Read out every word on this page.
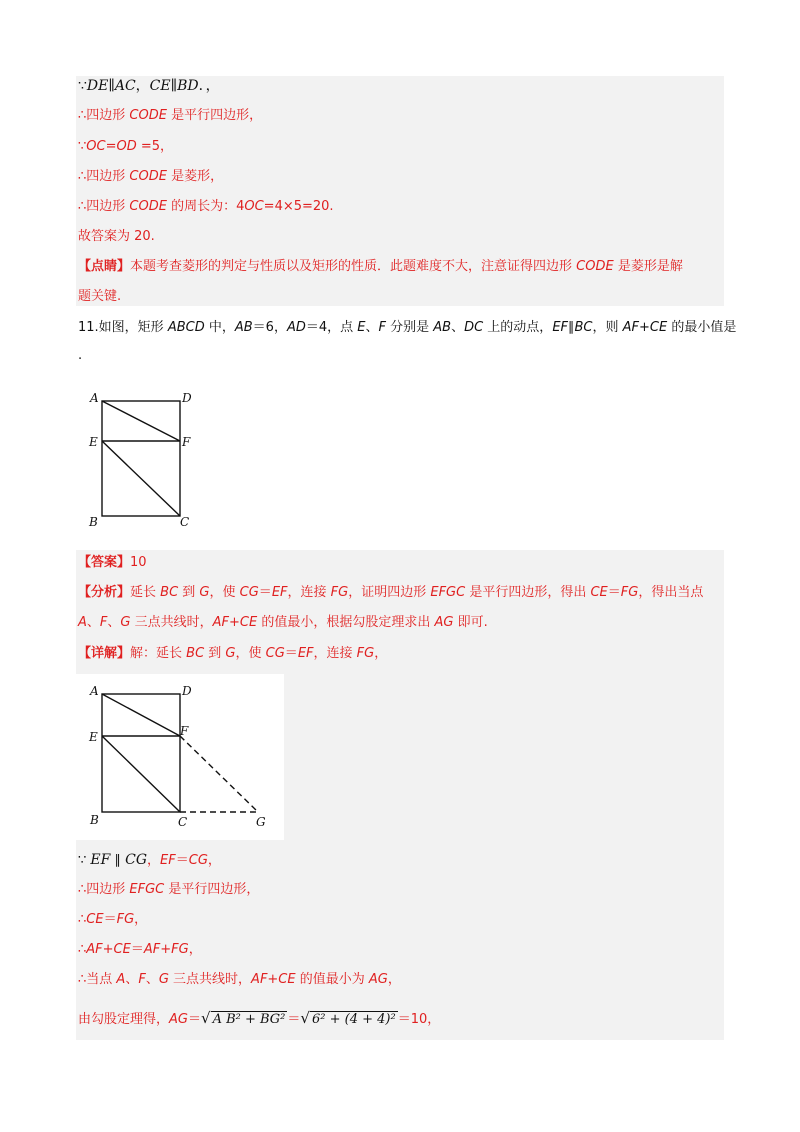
∵DE∥AC，CE∥BD．，
∴四边形 CODE 是平行四边形，
∵OC=OD =5，
∴四边形 CODE 是菱形，
∴四边形 CODE 的周长为：4OC=4×5=20.
故答案为 20.
【点睛】本题考查菱形的判定与性质以及矩形的性质．此题难度不大，注意证得四边形 CODE 是菱形是解
题关键.
11.如图，矩形 ABCD 中，AB＝6，AD＝4，点 E、F 分别是 AB、DC 上的动点，EF∥BC，则 AF+CE 的最小值是
.
A	D
E	F
B	C
【答案】10
【分析】延长 BC 到 G，使 CG＝EF，连接 FG，证明四边形 EFGC 是平行四边形，得出 CE＝FG，得出当点
A、F、G 三点共线时，AF+CE 的值最小，根据勾股定理求出 AG 即可.
【详解】解：延长 BC 到 G，使 CG＝EF，连接 FG，
A	D
E	F
B	C	G
∵ EF ∥ CG，EF＝CG，
∴四边形 EFGC 是平行四边形，
∴CE＝FG，
∴AF+CE＝AF+FG，
∴当点 A、F、G 三点共线时，AF+CE 的值最小为 AG，
由勾股定理得，AG＝√ A B² + BG² ＝√ 6² + (4 + 4)² ＝10，
